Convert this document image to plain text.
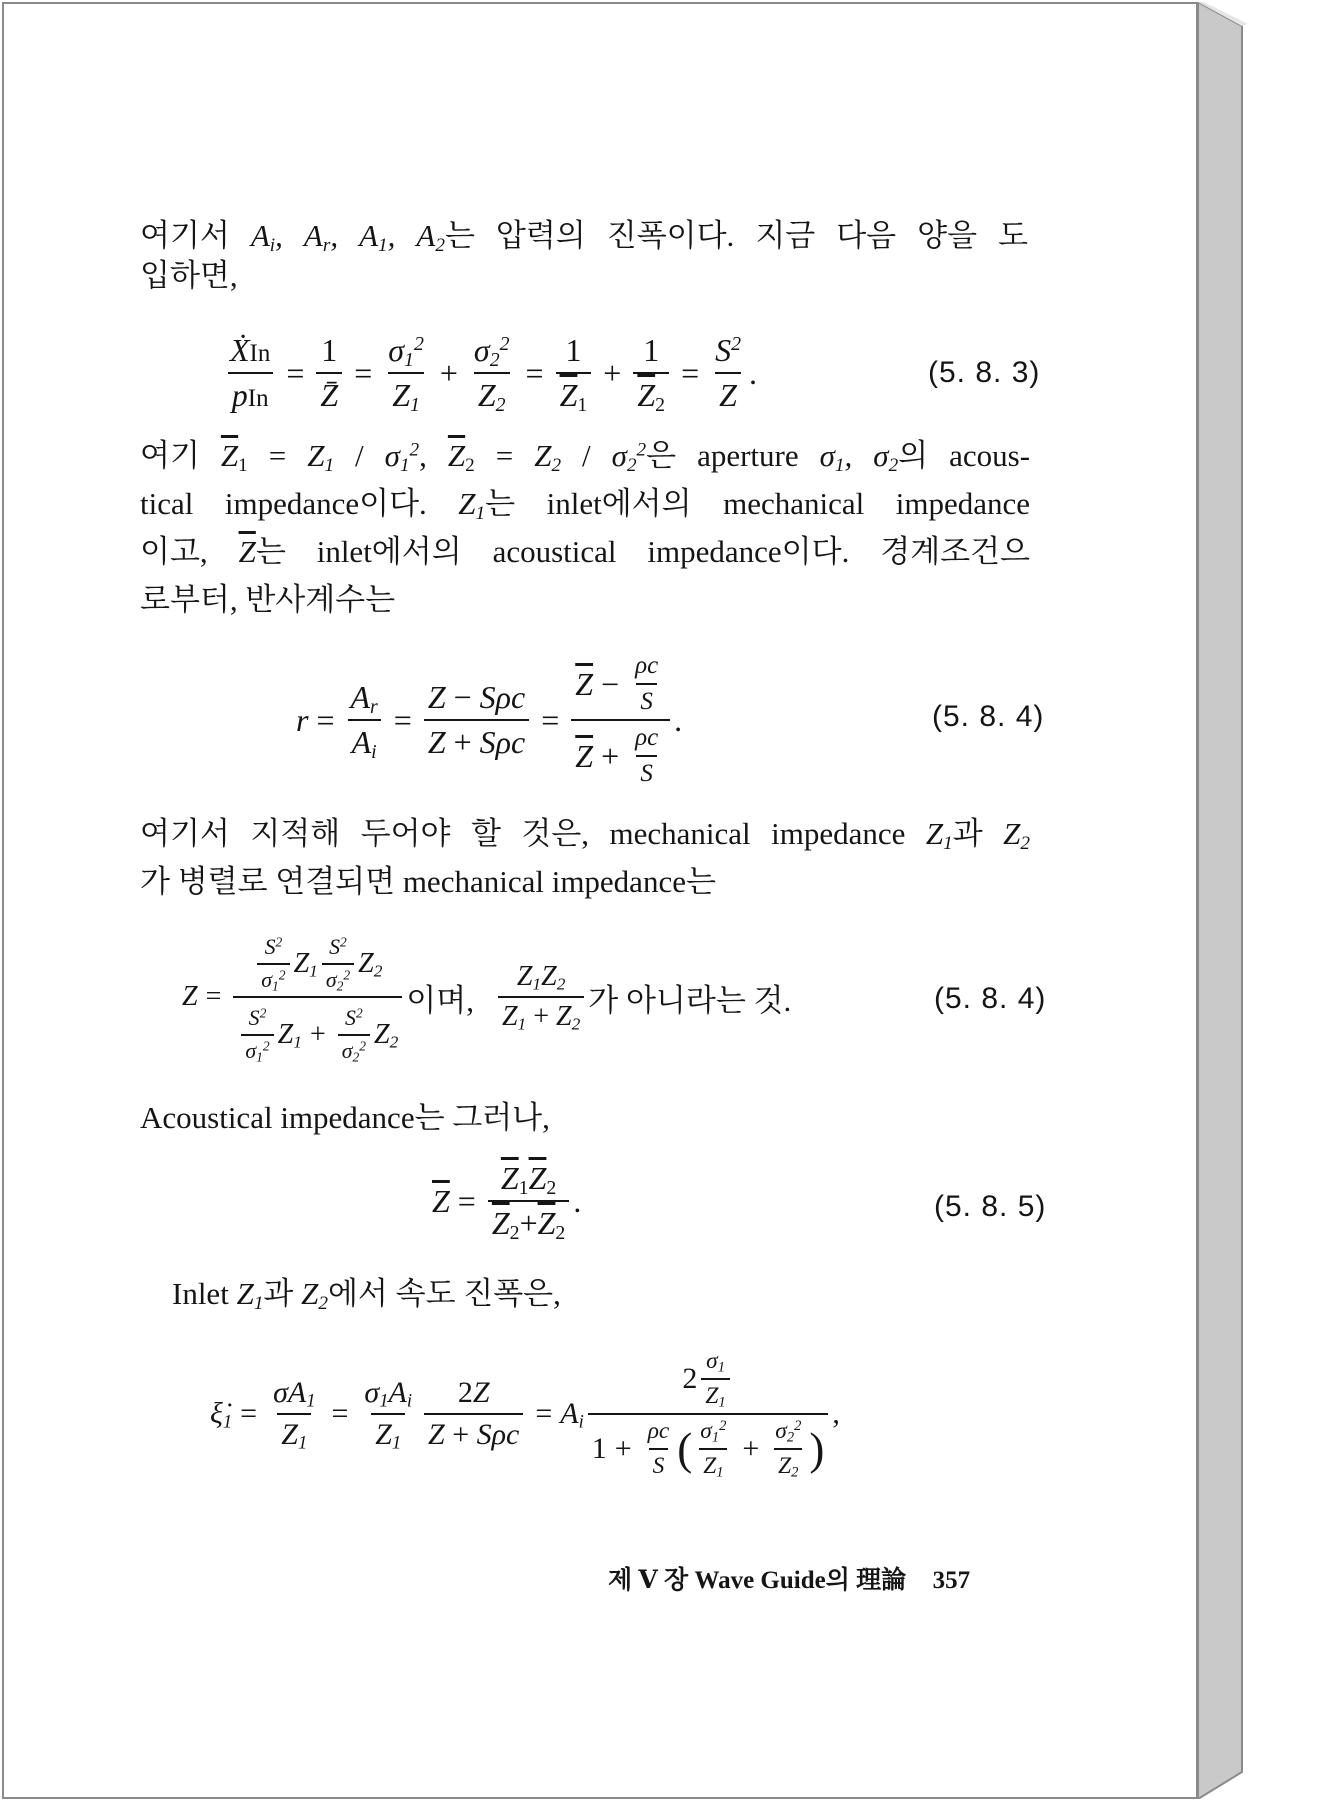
여기서 $A_i$, $A_r$, $A_1$, $A_2$는 압력의 진폭이다. 지금 다음 양을 도
입하면,
$\frac{\text{ẊIn}}{\text{pIn}} = \frac{1}{Z̄} = \frac{\sigma_1^2}{Z_1} + \frac{\sigma_2^2}{Z_2} = \frac{1}{\overline{Z}_1} + \frac{1}{\overline{Z}_2} = \frac{S^2}{Z}$ .	(5. 8. 3)
여기 $\overline{Z}_1 = Z_1 / \sigma_1^2$, $\overline{Z}_2 = Z_2 / \sigma_2^2$은 aperture $\sigma_1$, $\sigma_2$의 acous-
tical impedance이다. $Z_1$는 inlet에서의 mechanical impedance
이고, $\overline{Z}$는 inlet에서의 acoustical impedance이다. 경계조건으
로부터, 반사계수는
$r = \frac{A_r}{A_i} = \frac{\text{Z − Sρc}}{\text{Z + Sρc}} = \frac{\overline{Z} - \frac{\rho c}{S}}{\overline{Z} + \frac{\rho c}{S}}$ .	(5. 8. 4)
여기서 지적해 두어야 할 것은, mechanical impedance $Z_1$과 $Z_2$
가 병렬로 연결되면 mechanical impedance는
$Z = \frac{\frac{S^2}{\sigma_1^2} Z_1 \frac{S^2}{\sigma_2^2} Z_2}{\frac{S^2}{\sigma_1^2} Z_1 + \frac{S^2}{\sigma_2^2} Z_2}$ 이며, $\frac{Z_1Z_2}{Z_1 + Z_2}$ 가 아니라는 것.	(5. 8. 4)
Acoustical impedance는 그러나,
$\overline{Z} = \frac{\overline{Z}_1\overline{Z}_2}{\overline{Z}_2+\overline{Z}_2}$ .	(5. 8. 5)
Inlet $Z_1$과 $Z_2$에서 속도 진폭은,
$\xi̇_1 = \frac{\sigma A_1}{Z_1} = \frac{\sigma_1A_i}{Z_1} \frac{2Z}{\text{Z + Sρc}} = A_i$
$2 \frac{\sigma_1}{Z_1}$
$1 + \frac{\rho c}{S}$ ( $\frac{\sigma_1^2}{Z_1} + \frac{\sigma_2^2}{Z_2}$ )
,
제 Ⅴ 장 Wave Guide의 理論 357
